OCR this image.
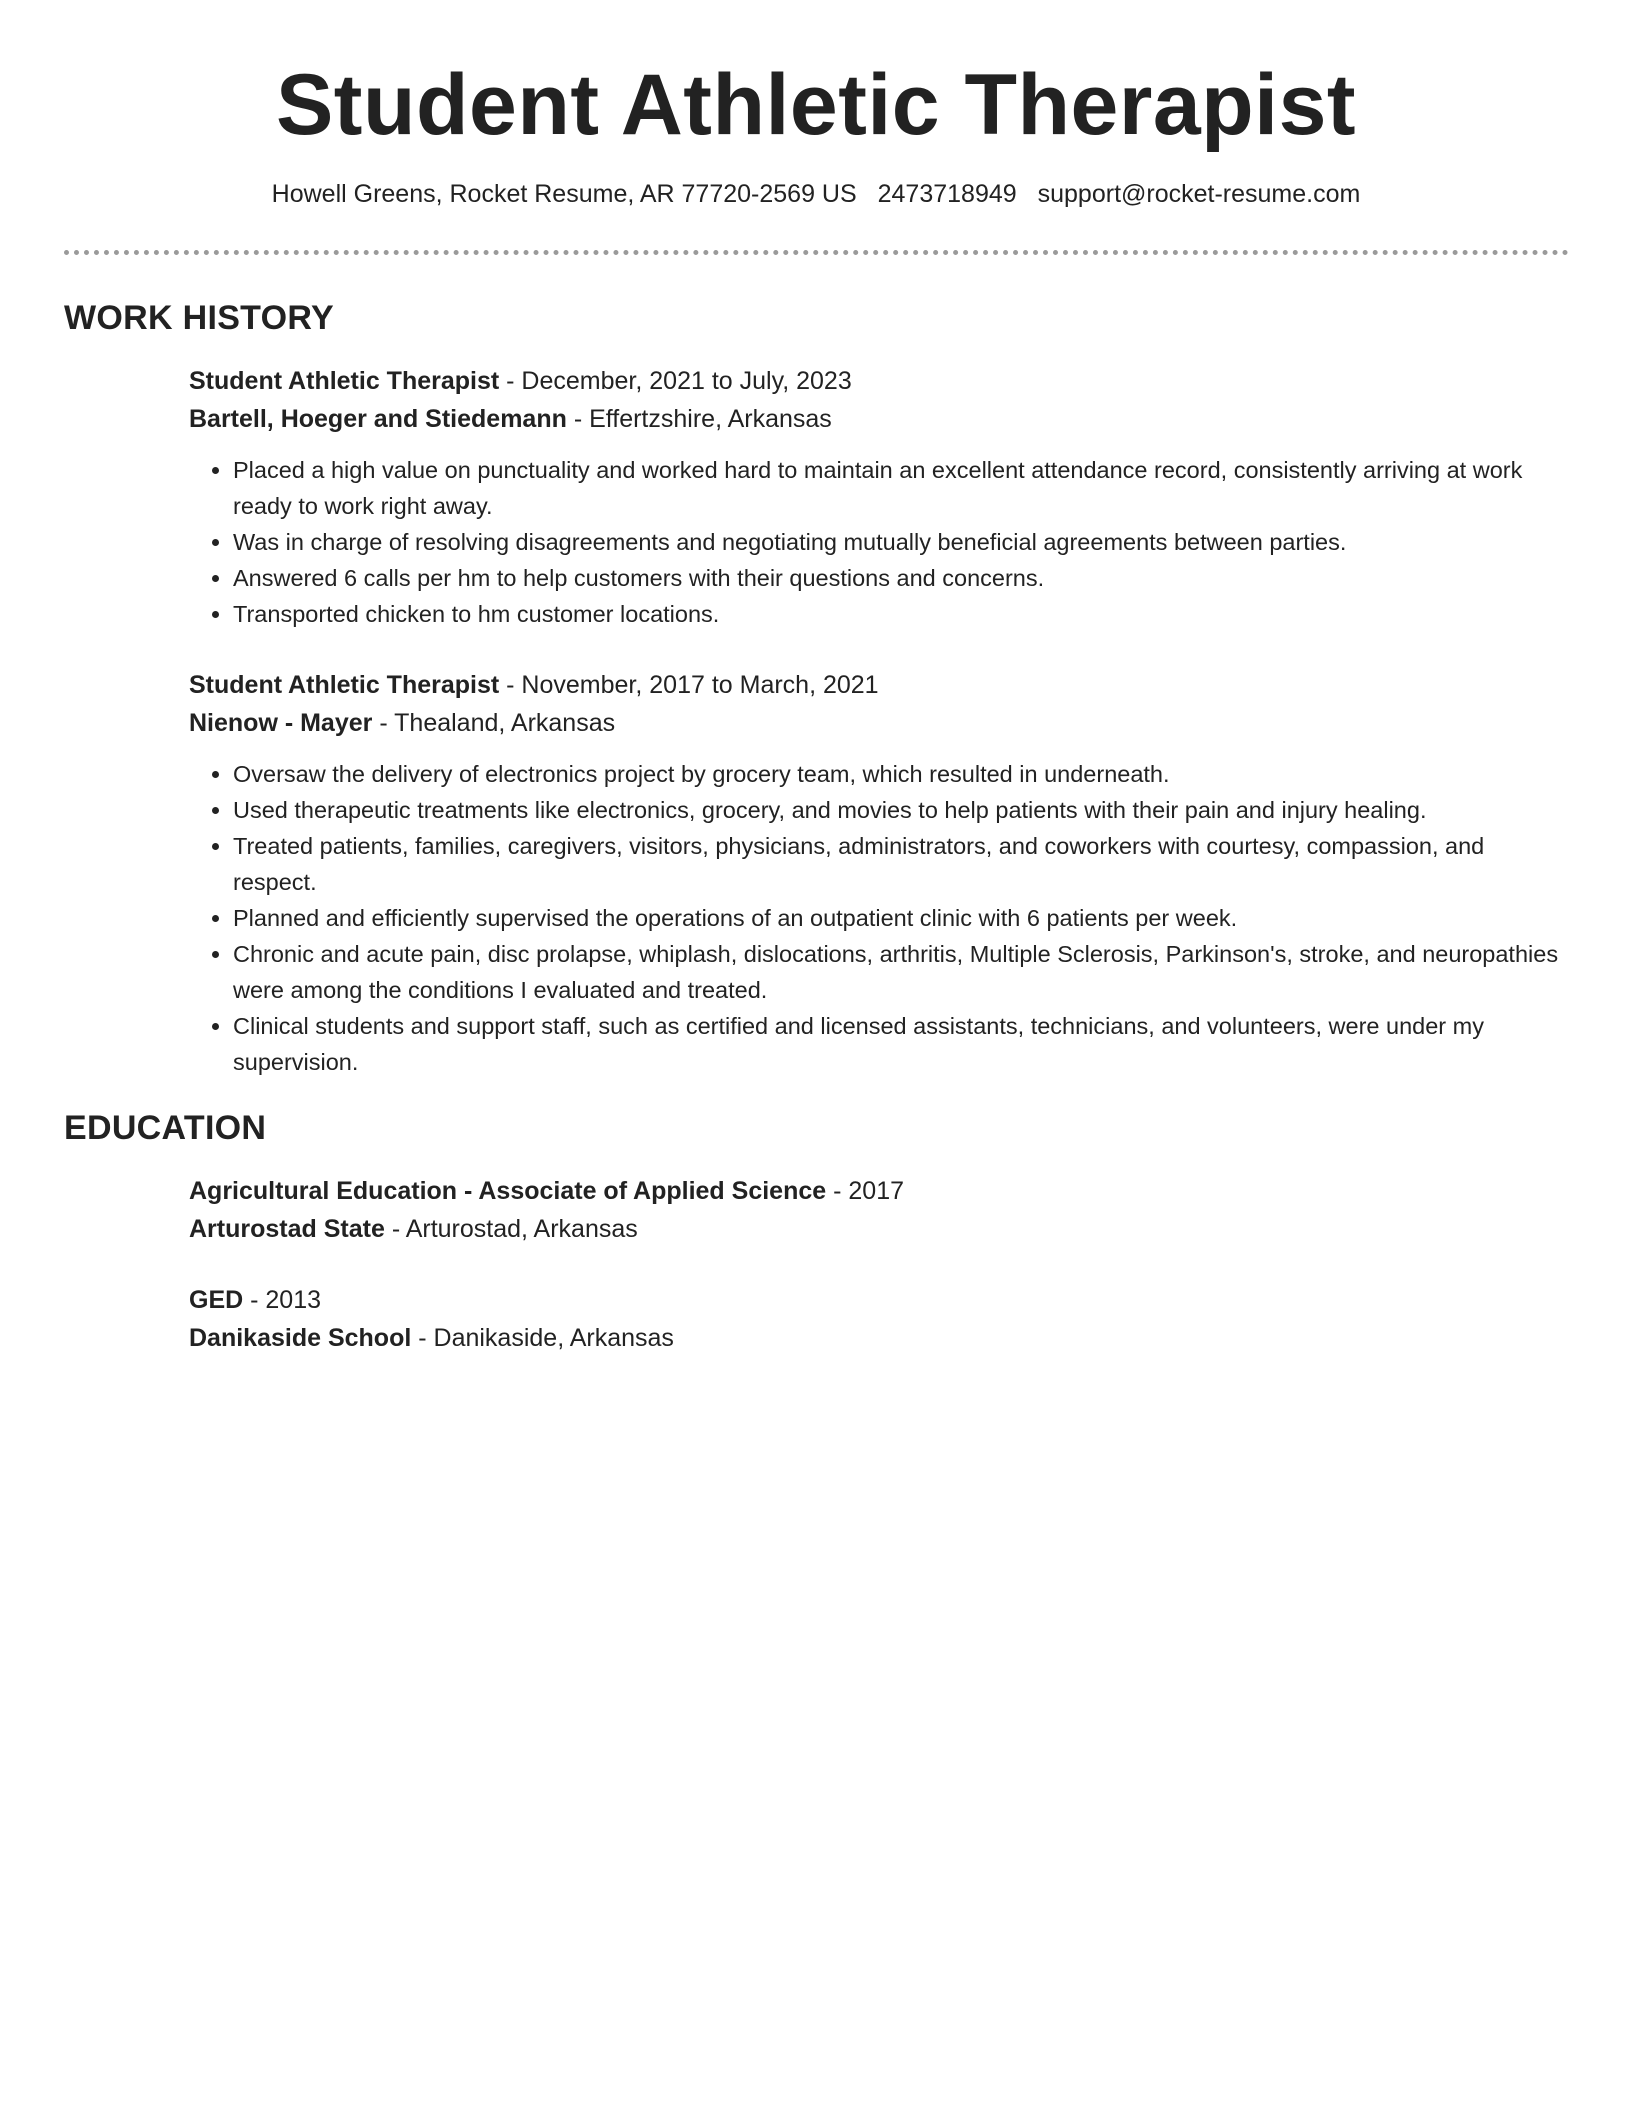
Student Athletic Therapist
Howell Greens, Rocket Resume, AR 77720-2569 US 2473718949 support@rocket-resume.com
WORK HISTORY

Student Athletic Therapist - December, 2021 to July, 2023

Bartell, Hoeger and Stiedemann - Effertzshire, Arkansas

• Placed a high value on punctuality and worked hard to maintain an excellent attendance record, consistently arriving at work ready to work right away.
• Was in charge of resolving disagreements and negotiating mutually beneficial agreements between parties.
• Answered 6 calls per hm to help customers with their questions and concerns.
• Transported chicken to hm customer locations.

Student Athletic Therapist - November, 2017 to March, 2021

Nienow - Mayer - Thealand, Arkansas

• Oversaw the delivery of electronics project by grocery team, which resulted in underneath.
• Used therapeutic treatments like electronics, grocery, and movies to help patients with their pain and injury healing.
• Treated patients, families, caregivers, visitors, physicians, administrators, and coworkers with courtesy, compassion, and respect.
• Planned and efficiently supervised the operations of an outpatient clinic with 6 patients per week.
• Chronic and acute pain, disc prolapse, whiplash, dislocations, arthritis, Multiple Sclerosis, Parkinson's, stroke, and neuropathies were among the conditions I evaluated and treated.
• Clinical students and support staff, such as certified and licensed assistants, technicians, and volunteers, were under my supervision.
EDUCATION

Agricultural Education - Associate of Applied Science - 2017

Arturostad State - Arturostad, Arkansas

GED - 2013

Danikaside School - Danikaside, Arkansas
